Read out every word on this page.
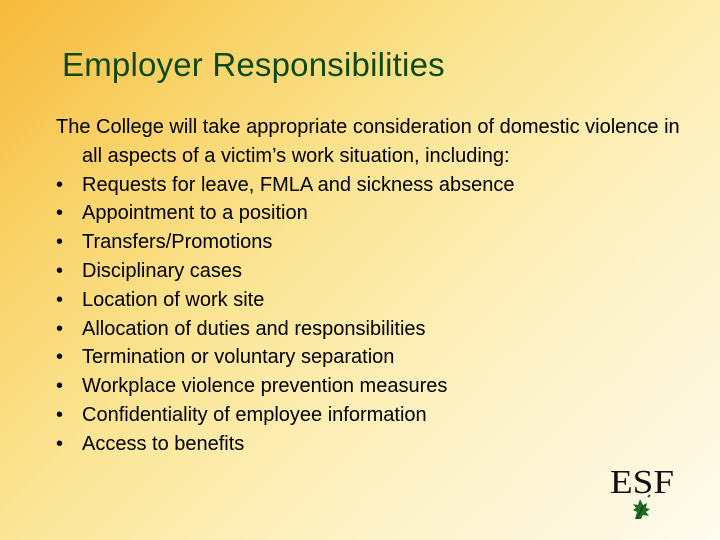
Employer Responsibilities
The College will take appropriate consideration of domestic violence in all aspects of a victim’s work situation, including:
• Requests for leave, FMLA and sickness absence
• Appointment to a position
• Transfers/Promotions
• Disciplinary cases
• Location of work site
• Allocation of duties and responsibilities
• Termination or voluntary separation
• Workplace violence prevention measures
• Confidentiality of employee information
• Access to benefits
ESF
